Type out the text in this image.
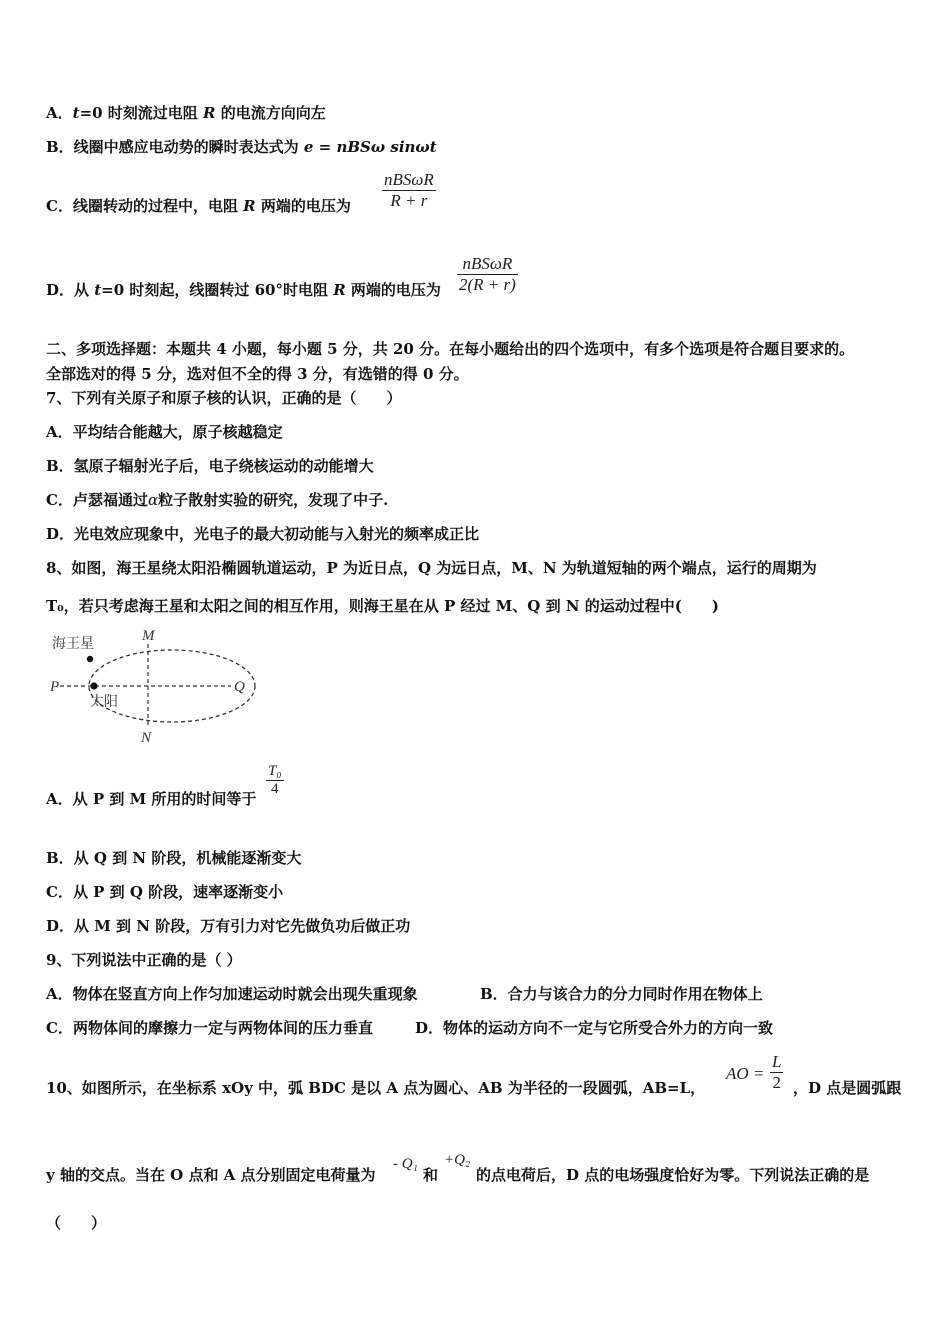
A．t=0 时刻流过电阻 R 的电流方向向左
B．线圈中感应电动势的瞬时表达式为 e = nBSω sinωt
C．线圈转动的过程中，电阻 R 两端的电压为
nBSωR
R + r
D．从 t=0 时刻起，线圈转过 60°时电阻 R 两端的电压为
nBSωR
2(R + r)
二、多项选择题：本题共 4 小题，每小题 5 分，共 20 分。在每小题给出的四个选项中，有多个选项是符合题目要求的。
全部选对的得 5 分，选对但不全的得 3 分，有选错的得 0 分。
7、下列有关原子和原子核的认识，正确的是（　　）
A．平均结合能越大，原子核越稳定
B．氢原子辐射光子后，电子绕核运动的动能增大
C．卢瑟福通过α粒子散射实验的研究，发现了中子.
D．光电效应现象中，光电子的最大初动能与入射光的频率成正比
8、如图，海王星绕太阳沿椭圆轨道运动，P 为近日点，Q 为远日点，M、N 为轨道短轴的两个端点，运行的周期为
T₀，若只考虑海王星和太阳之间的相互作用，则海王星在从 P 经过 M、Q 到 N 的运动过程中(　　)
海王星
太阳
M
N
P	Q
A．从 P 到 M 所用的时间等于
T₀
4
B．从 Q 到 N 阶段，机械能逐渐变大
C．从 P 到 Q 阶段，速率逐渐变小
D．从 M 到 N 阶段，万有引力对它先做负功后做正功
9、下列说法中正确的是（ ）
A．物体在竖直方向上作匀加速运动时就会出现失重现象	B．合力与该合力的分力同时作用在物体上
C．两物体间的摩擦力一定与两物体间的压力垂直	D．物体的运动方向不一定与它所受合外力的方向一致
10、如图所示，在坐标系 xOy 中，弧 BDC 是以 A 点为圆心、AB 为半径的一段圆弧，AB=L，
AO =
L
2 ，D 点是圆弧跟
y 轴的交点。当在 O 点和 A 点分别固定电荷量为
- Q₁
和
+Q₂
的点电荷后，D 点的电场强度恰好为零。下列说法正确的是
（　　）
